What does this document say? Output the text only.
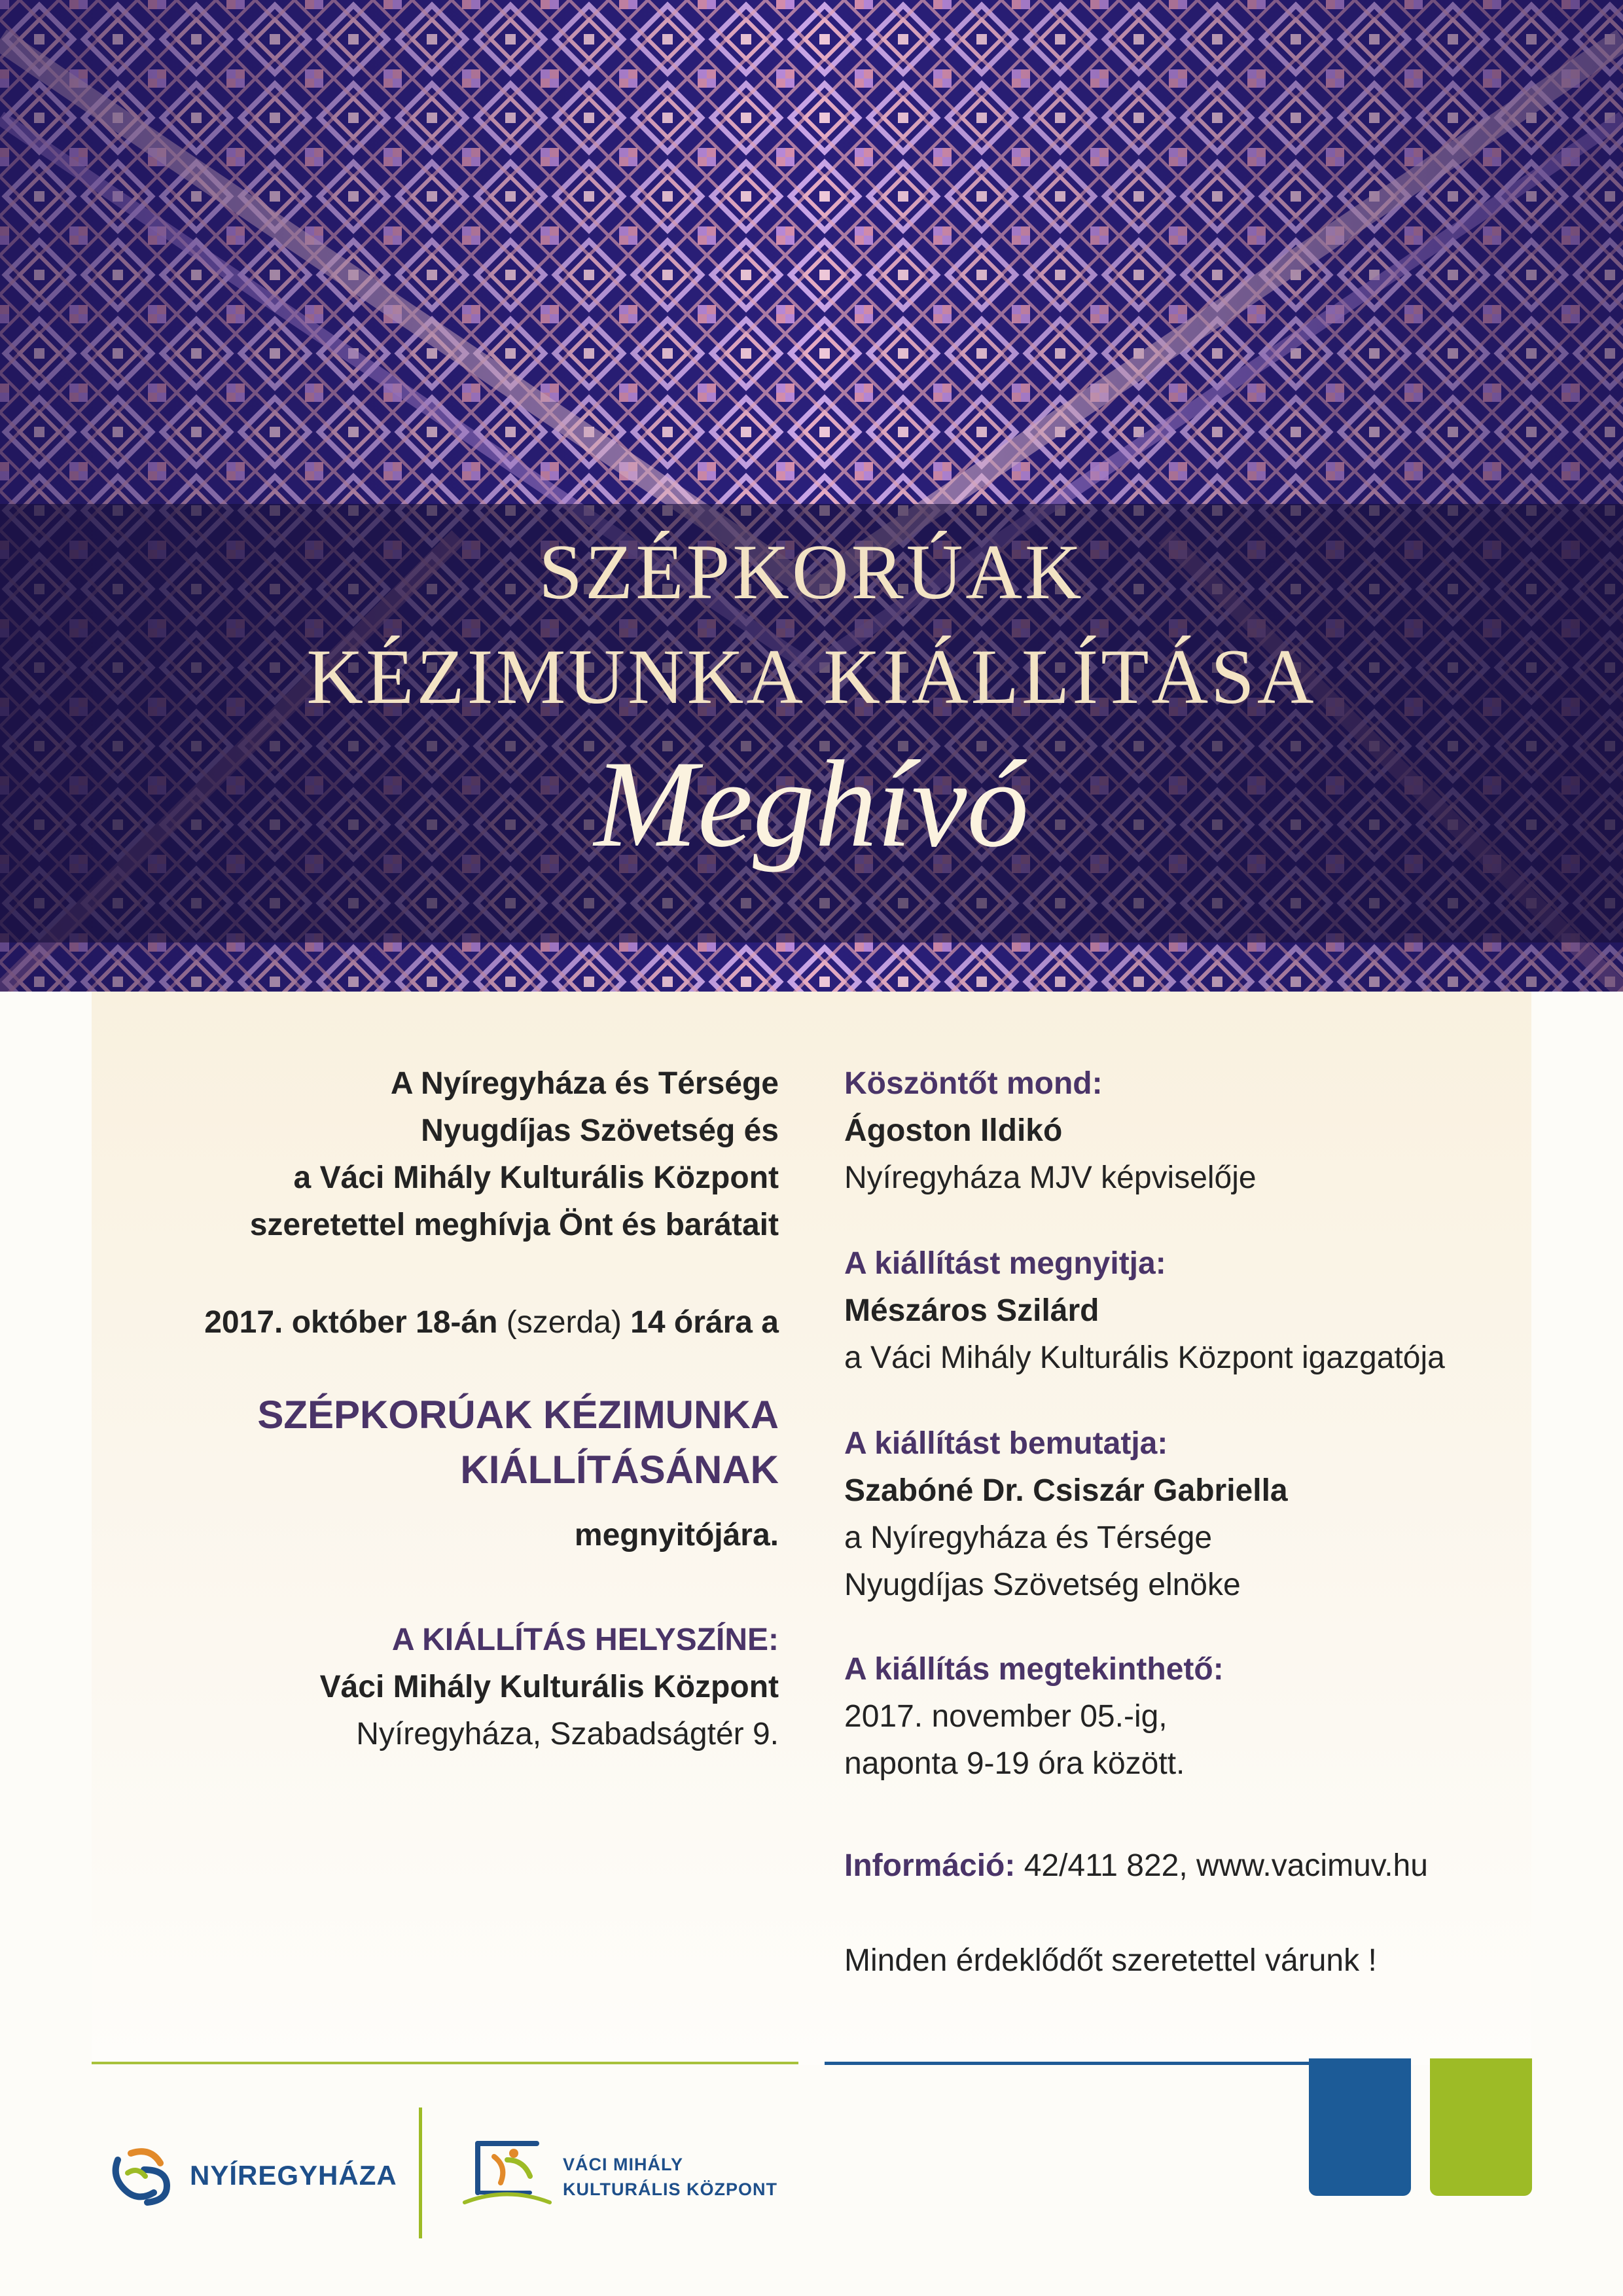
SZÉPKORÚAK
KÉZIMUNKA KIÁLLÍTÁSA
Meghívó
A Nyíregyháza és Térsége
Nyugdíjas Szövetség és
a Váci Mihály Kulturális Központ
szeretettel meghívja Önt és barátait
2017. október 18-án (szerda) 14 órára a
SZÉPKORÚAK KÉZIMUNKA
KIÁLLÍTÁSÁNAK
megnyitójára.
A KIÁLLÍTÁS HELYSZÍNE:
Váci Mihály Kulturális Központ
Nyíregyháza, Szabadságtér 9.
Köszöntőt mond:
Ágoston Ildikó
Nyíregyháza MJV képviselője
A kiállítást megnyitja:
Mészáros Szilárd
a Váci Mihály Kulturális Központ igazgatója
A kiállítást bemutatja:
Szabóné Dr. Csiszár Gabriella
a Nyíregyháza és Térsége
Nyugdíjas Szövetség elnöke
A kiállítás megtekinthető:
2017. november 05.-ig,
naponta 9-19 óra között.
Információ: 42/411 822, www.vacimuv.hu
Minden érdeklődőt szeretettel várunk !
NYÍREGYHÁZA	VÁCI MIHÁLY
KULTURÁLIS KÖZPONT
